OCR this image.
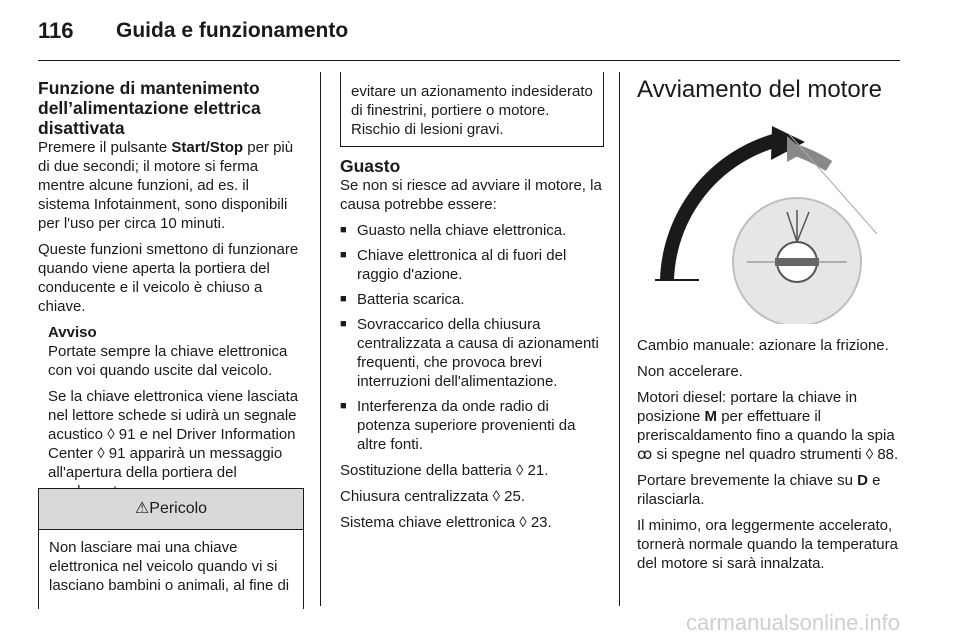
116 Guida e funzionamento
Funzione di mantenimento dell’alimentazione elettrica disattivata

Premere il pulsante Start/Stop per più di due secondi; il motore si ferma mentre alcune funzioni, ad es. il sistema Infotainment, sono disponibili per l'uso per circa 10 minuti.

Queste funzioni smettono di funzionare quando viene aperta la portiera del conducente e il veicolo è chiuso a chiave.

Avviso

Portate sempre la chiave elettronica con voi quando uscite dal veicolo.

Se la chiave elettronica viene lasciata nel lettore schede si udirà un segnale acustico ◊ 91 e nel Driver Information Center ◊ 91 apparirà un messaggio all'apertura della portiera del

⚠Pericolo
Non lasciare mai una chiave elettronica nel veicolo quando vi si lasciano bambini o animali, al fine di
evitare un azionamento indesiderato di finestrini, portiere o motore. Rischio di lesioni gravi.
Guasto

Se non si riesce ad avviare il motore, la causa potrebbe essere:

■ Guasto nella chiave elettronica.
■ Chiave elettronica al di fuori del raggio d'azione.
■ Batteria scarica.
■ Sovraccarico della chiusura centralizzata a causa di azionamenti frequenti, che provoca brevi interruzioni dell'alimentazione.
■ Interferenza da onde radio di potenza superiore provenienti da altre fonti.

Sostituzione della batteria ◊ 21.

Chiusura centralizzata ◊ 25.

Sistema chiave elettronica ◊ 23.

Avviamento del motore

Cambio manuale: azionare la frizione.

Non accelerare.

Motori diesel: portare la chiave in posizione M per effettuare il preriscaldamento fino a quando la spia ꝏ si spegne nel quadro strumenti ◊ 88.

Portare brevemente la chiave su D e rilasciarla.

Il minimo, ora leggermente accelerato, tornerà normale quando la temperatura del motore si sarà innalzata.

carmanualsonline.info
